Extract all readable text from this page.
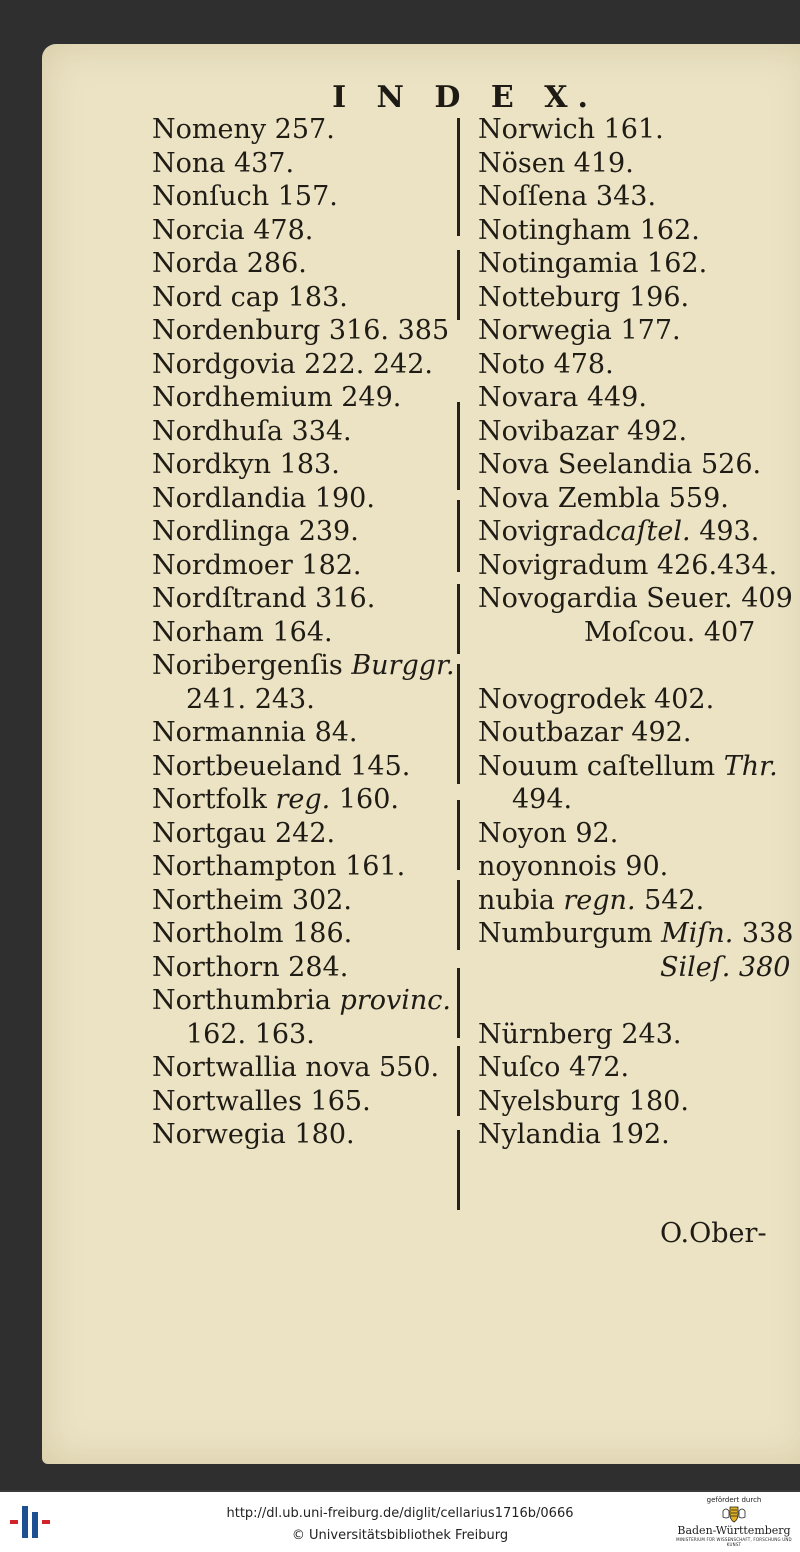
I N D E X.
Nomeny 257.
Nona 437.
Nonſuch 157.
Norcia 478.
Norda 286.
Nord cap 183.
Nordenburg 316. 385
Nordgovia 222. 242.
Nordhemium 249.
Nordhuſa 334.
Nordkyn 183.
Nordlandia 190.
Nordlinga 239.
Nordmoer 182.
Nordſtrand 316.
Norham 164.
Noribergenſis Burggr.
241. 243.
Normannia 84.
Nortbeueland 145.
Nortfolk reg. 160.
Nortgau 242.
Northampton 161.
Northeim 302.
Northolm 186.
Northorn 284.
Northumbria provinc.
162. 163.
Nortwallia nova 550.
Nortwalles 165.
Norwegia 180.
Norwich 161.
Nösen 419.
Noſſena 343.
Notingham 162.
Notingamia 162.
Notteburg 196.
Norwegia 177.
Noto 478.
Novara 449.
Novibazar 492.
Nova Seelandia 526.
Nova Zembla 559.
Novigradcaſtel. 493.
Novigradum 426.434.
Novogardia Seuer. 409
Moſcou. 407
Novogrodek 402.
Noutbazar 492.
Nouum caſtellum Thr.
494.
Noyon 92.
noyonnois 90.
nubia regn. 542.
Numburgum Miſn. 338
Sileſ. 380
Nürnberg 243.
Nuſco 472.
Nyelsburg 180.
Nylandia 192.
O.Ober-
http://dl.ub.uni-freiburg.de/diglit/cellarius1716b/0666
© Universitätsbibliothek Freiburg
gefördert durch
Baden-Württemberg
MINISTERIUM FÜR WISSENSCHAFT, FORSCHUNG UND KUNST
